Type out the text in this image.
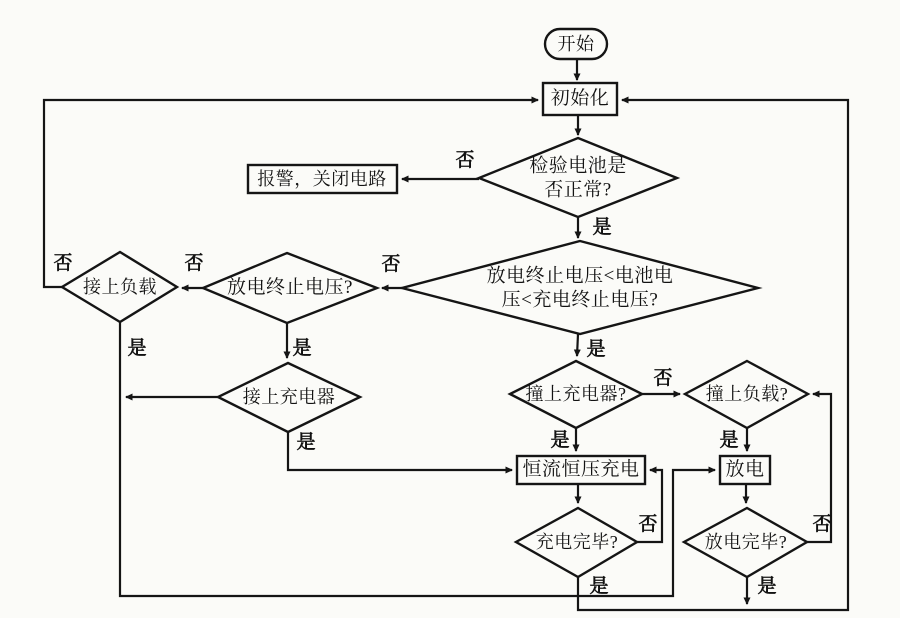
开始
初始化
检验电池是否正常?
报警，关闭电路
放电终止电压<电池电压<充电终止电压?
放电终止电压?
接上负载
接上充电器	撞上充电器?	撞上负载?
恒流恒压充电	放电
充电完毕?	放电完毕?
否
是
否
否
否
是	是
是
是
否
是	是
否	否
是	是
